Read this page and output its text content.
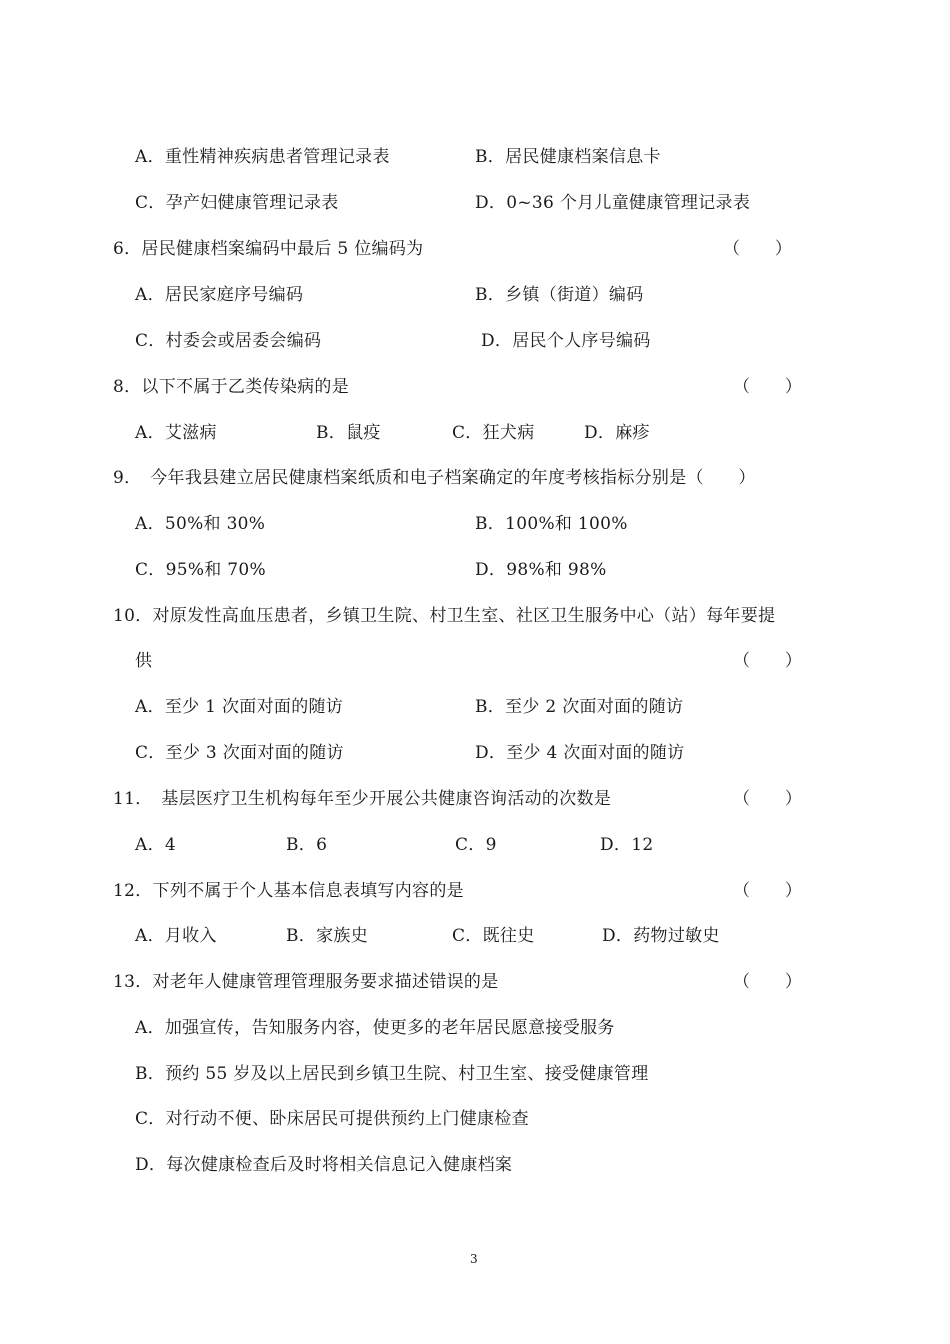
A．重性精神疾病患者管理记录表	B．居民健康档案信息卡
C．孕产妇健康管理记录表	D．0~36 个月儿童健康管理记录表
6．居民健康档案编码中最后 5 位编码为	（　　）
A．居民家庭序号编码	B．乡镇（街道）编码
C．村委会或居委会编码	D．居民个人序号编码
8．以下不属于乙类传染病的是	（　　）
A．艾滋病	B．鼠疫	C．狂犬病	D．麻疹
9．　今年我县建立居民健康档案纸质和电子档案确定的年度考核指标分别是（　　）
A．50%和 30%	B．100%和 100%
C．95%和 70%	D．98%和 98%
10．对原发性高血压患者，乡镇卫生院、村卫生室、社区卫生服务中心（站）每年要提
供	（　　）
A．至少 1 次面对面的随访	B．至少 2 次面对面的随访
C．至少 3 次面对面的随访	D．至少 4 次面对面的随访
11．　基层医疗卫生机构每年至少开展公共健康咨询活动的次数是	（　　）
A．4	B．6	C．9	D．12
12．下列不属于个人基本信息表填写内容的是	（　　）
A．月收入	B．家族史	C．既往史	D．药物过敏史
13．对老年人健康管理管理服务要求描述错误的是	（　　）
A．加强宣传，告知服务内容，使更多的老年居民愿意接受服务
B．预约 55 岁及以上居民到乡镇卫生院、村卫生室、接受健康管理
C．对行动不便、卧床居民可提供预约上门健康检查
D．每次健康检查后及时将相关信息记入健康档案
3
